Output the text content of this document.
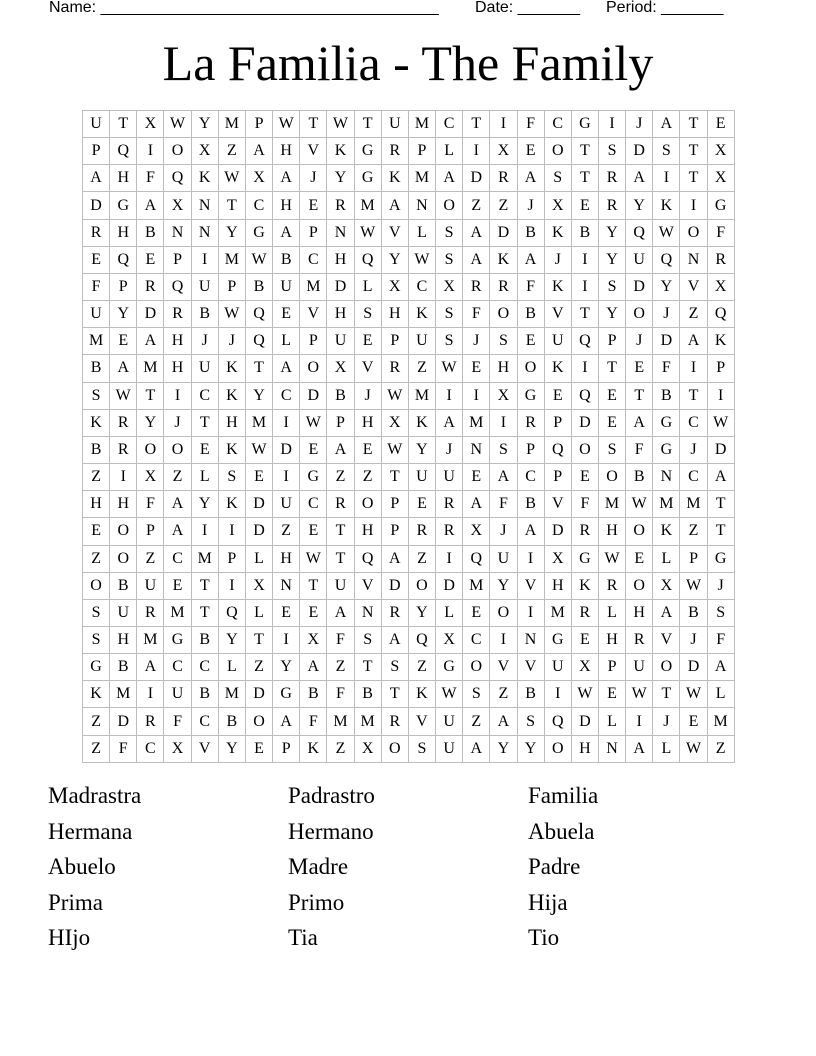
Name: ______________________________________ Date: _______ Period: _______
La Familia - The Family
U	T	X W Y M P W T W T	U M C	T	I	F	C	G	I	J	A	T	E
P	Q	I	O X	Z	A H V K G	R	P	L	I	X	E	O	T	S	D	S	T	X
A H	F	Q K W X A	J	Y G K M A D	R	A	S	T	R	A	I	T	X
D G A X N	T	C	H	E	R M A N O	Z	Z	J	X	E	R	Y K	I	G
R	H	B	N N Y G A	P	N W V	L	S	A D	B	K	B	Y Q W O	F
E	Q	E	P	I	M W B	C	H Q Y W S	A K A	J	I	Y U Q N	R
F	P	R	Q U	P	B	U M D	L	X	C	X	R	R	F	K	I	S	D Y V X
U Y D	R	B W Q	E	V H	S	H K	S	F	O	B	V	T	Y O	J	Z	Q
M E	A H	J	J	Q	L	P	U	E	P	U	S	J	S	E	U Q	P	J	D A K
B	A M H U K	T	A O X V	R	Z W E	H O K	I	T	E	F	I	P
S W T	I	C	K Y	C	D	B	J	W M	I	I	X G	E	Q	E	T	B	T	I
K	R	Y	J	T	H M	I	W P	H X K A M	I	R	P	D	E	A G	C W
B	R	O O	E	K W D	E	A	E W Y	J	N	S	P	Q O	S	F	G	J	D
Z	I	X	Z	L	S	E	I	G	Z	Z	T	U U	E	A	C	P	E	O	B	N	C	A
H H	F	A Y K D U	C	R	O	P	E	R	A	F	B	V	F M W M M T
E	O	P	A	I	I	D	Z	E	T	H	P	R	R	X	J	A D	R	H O K	Z	T
Z	O	Z	C M P	L	H W T	Q A	Z	I	Q U	I	X G W E	L	P	G
O	B	U	E	T	I	X N	T	U V D O D M Y V H K	R	O X W	J
S	U	R M T	Q	L	E	E	A N	R	Y	L	E	O	I	M R	L	H A	B	S
S	H M G	B	Y	T	I	X	F	S	A Q X	C	I	N G	E	H	R	V	J	F
G	B	A	C	C	L	Z	Y A	Z	T	S	Z	G O V V U X	P	U O D A
K M	I	U	B M D G	B	F	B	T	K W S	Z	B	I	W E W T W L
Z	D	R	F	C	B	O A	F M M R	V U	Z	A	S	Q D	L	I	J	E M
Z	F	C	X V Y	E	P	K	Z	X O	S	U A Y Y O H N A	L W Z
Madrastra	Padrastro	Familia
Hermana	Hermano	Abuela
Abuelo	Madre	Padre
Prima	Primo	Hija
HIjo	Tia	Tio
